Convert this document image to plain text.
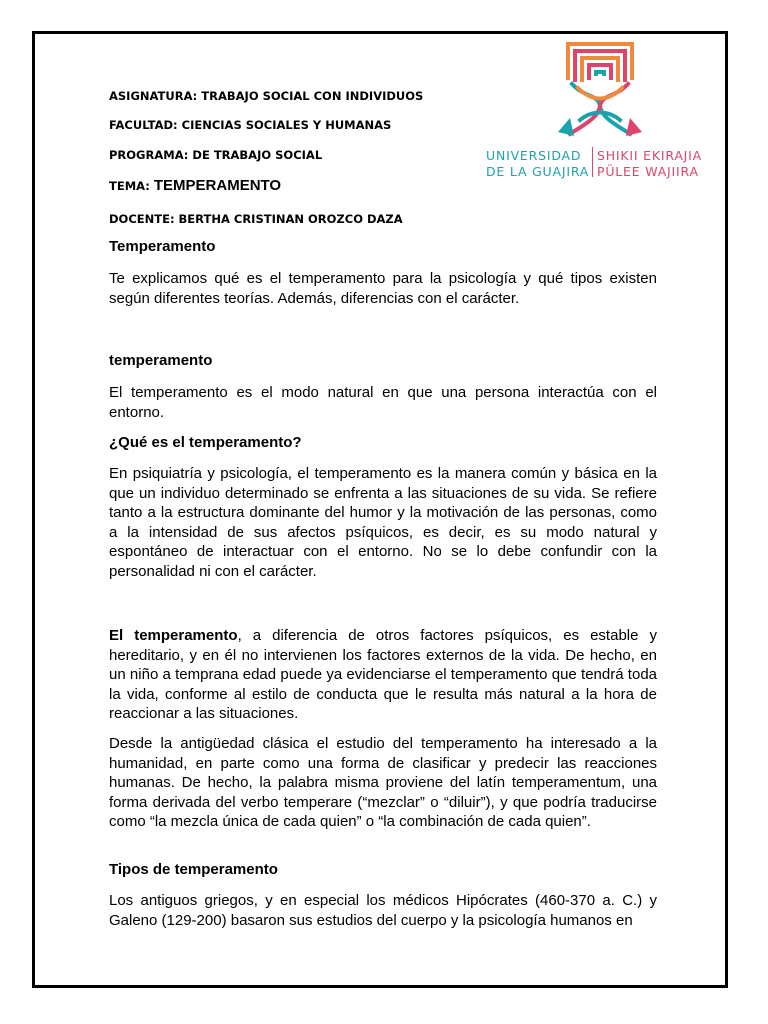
ASIGNATURA: TRABAJO SOCIAL CON INDIVIDUOS
FACULTAD: CIENCIAS SOCIALES Y HUMANAS
PROGRAMA: DE TRABAJO SOCIAL
TEMA: TEMPERAMENTO
DOCENTE: BERTHA CRISTINAN OROZCO DAZA
UNIVERSIDAD
DE LA GUAJIRA
SHIKII EKIRAJIA
PÜLEE WAJIIRA

Temperamento

Te explicamos qué es el temperamento para la psicología y qué tipos existen según diferentes teorías. Además, diferencias con el carácter.

temperamento

El temperamento es el modo natural en que una persona interactúa con el entorno.

¿Qué es el temperamento?

En psiquiatría y psicología, el temperamento es la manera común y básica en la que un individuo determinado se enfrenta a las situaciones de su vida. Se refiere tanto a la estructura dominante del humor y la motivación de las personas, como a la intensidad de sus afectos psíquicos, es decir, es su modo natural y espontáneo de interactuar con el entorno. No se lo debe confundir con la personalidad ni con el carácter.

El temperamento, a diferencia de otros factores psíquicos, es estable y hereditario, y en él no intervienen los factores externos de la vida. De hecho, en un niño a temprana edad puede ya evidenciarse el temperamento que tendrá toda la vida, conforme al estilo de conducta que le resulta más natural a la hora de reaccionar a las situaciones.

Desde la antigüedad clásica el estudio del temperamento ha interesado a la humanidad, en parte como una forma de clasificar y predecir las reacciones humanas. De hecho, la palabra misma proviene del latín temperamentum, una forma derivada del verbo temperare (“mezclar” o “diluir”), y que podría traducirse como “la mezcla única de cada quien” o “la combinación de cada quien”.

Tipos de temperamento

Los antiguos griegos, y en especial los médicos Hipócrates (460-370 a. C.) y Galeno (129-200) basaron sus estudios del cuerpo y la psicología humanos en
